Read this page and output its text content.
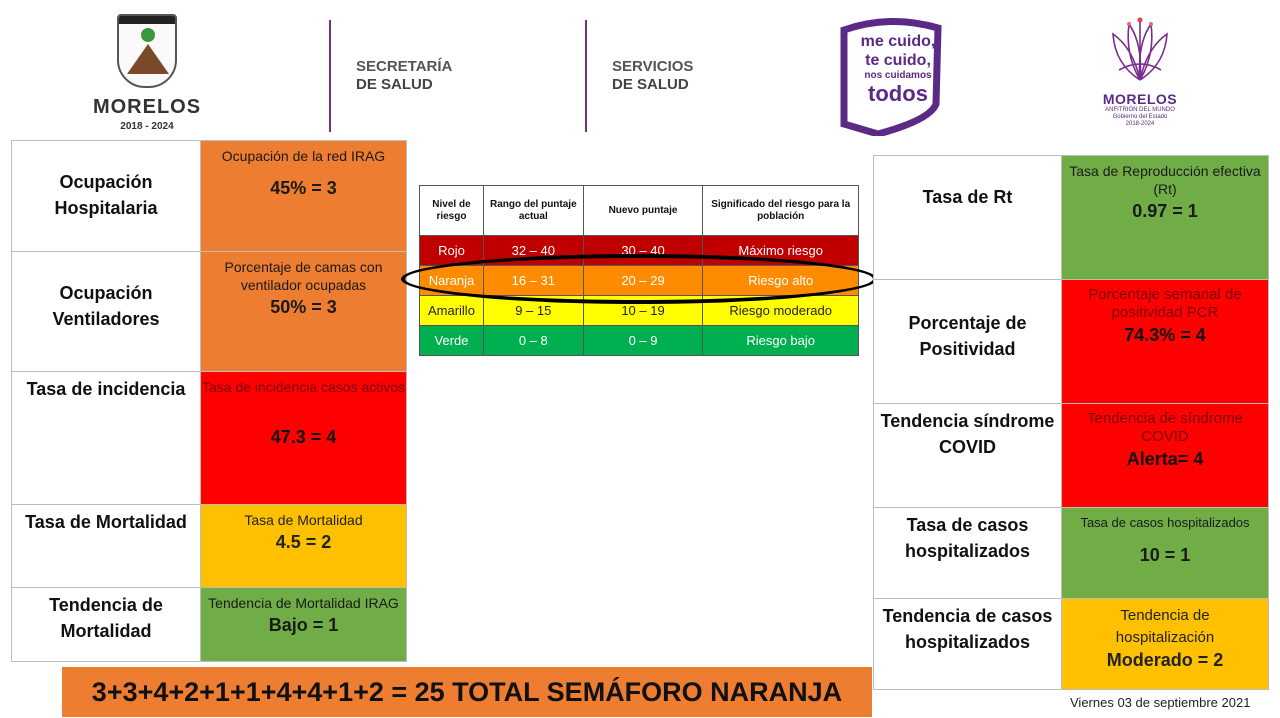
MORELOS
2018 - 2024
SECRETARÍA
DE SALUD
SERVICIOS
DE SALUD
me cuido,
te cuido,
nos cuidamos
todos	MORELOS
ANFITRIÓN DEL MUNDO
Gobierno del Estado
2018-2024
Ocupación Hospitalaria	Ocupación de la red IRAG
45% = 3

Ocupación Ventiladores	Porcentaje de camas con ventilador ocupadas
50% = 3

Tasa de incidencia	Tasa de incidencia casos activos
47.3 = 4

Tasa de Mortalidad	Tasa de Mortalidad
4.5 = 2

Tendencia de Mortalidad	Tendencia de Mortalidad IRAG
Bajo = 1
Nivel de riesgo	Rango del puntaje actual	Nuevo puntaje	Significado del riesgo para la población
Rojo	32 – 40	30 – 40	Máximo riesgo
Naranja	16 – 31	20 – 29	Riesgo alto
Amarillo	9 – 15	10 – 19	Riesgo moderado
Verde	0 – 8	0 – 9	Riesgo bajo
Tasa de Rt	Tasa de Reproducción efectiva (Rt)
0.97 = 1

Porcentaje de Positividad	Porcentaje semanal de positividad PCR
74.3% = 4

Tendencia síndrome COVID	Tendencia de síndrome COVID
Alerta= 4

Tasa de casos hospitalizados	Tasa de casos hospitalizados
10 = 1

Tendencia de casos hospitalizados	Tendencia de hospitalización
Moderado = 2
3+3+4+2+1+1+4+4+1+2 = 25 TOTAL SEMÁFORO NARANJA	Viernes 03 de septiembre 2021
